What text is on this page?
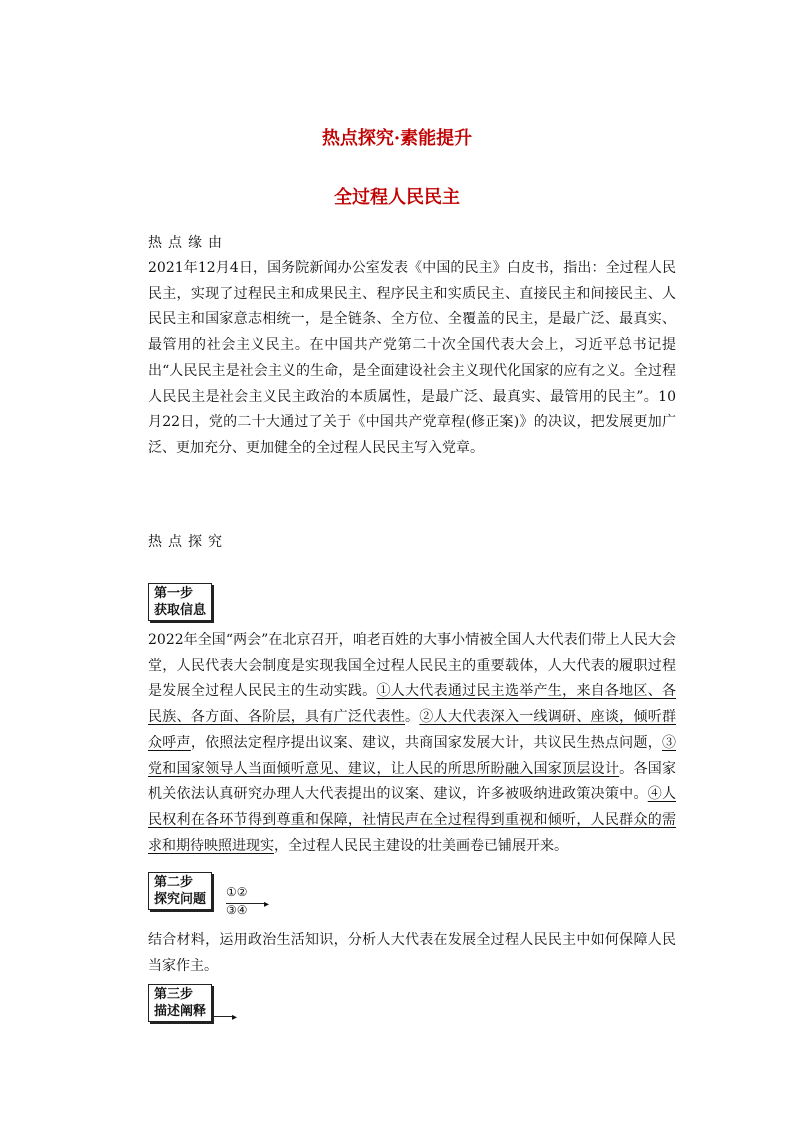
热点探究·素能提升
全过程人民民主
热点缘由

2021年12月4日，国务院新闻办公室发表《中国的民主》白皮书，指出：全过程人民民主，实现了过程民主和成果民主、程序民主和实质民主、直接民主和间接民主、人民民主和国家意志相统一，是全链条、全方位、全覆盖的民主，是最广泛、最真实、最管用的社会主义民主。在中国共产党第二十次全国代表大会上，习近平总书记提出“人民民主是社会主义的生命，是全面建设社会主义现代化国家的应有之义。全过程人民民主是社会主义民主政治的本质属性，是最广泛、最真实、最管用的民主”。10月22日，党的二十大通过了关于《中国共产党章程(修正案)》的决议，把发展更加广泛、更加充分、更加健全的全过程人民民主写入党章。

热点探究
第一步
获取信息

2022年全国“两会”在北京召开，咱老百姓的大事小情被全国人大代表们带上人民大会堂，人民代表大会制度是实现我国全过程人民民主的重要载体，人大代表的履职过程是发展全过程人民民主的生动实践。①人大代表通过民主选举产生，来自各地区、各民族、各方面、各阶层，具有广泛代表性。②人大代表深入一线调研、座谈，倾听群众呼声，依照法定程序提出议案、建议，共商国家发展大计，共议民生热点问题，③党和国家领导人当面倾听意见、建议，让人民的所思所盼融入国家顶层设计。各国家机关依法认真研究办理人大代表提出的议案、建议，许多被吸纳进政策决策中。④人民权利在各环节得到尊重和保障，社情民声在全过程得到重视和倾听，人民群众的需求和期待映照进现实，全过程人民民主建设的壮美画卷已铺展开来。

第二步
探究问题 ①②
③④ ▸

结合材料，运用政治生活知识，分析人大代表在发展全过程人民民主中如何保障人民当家作主。

第三步
描述阐释	▸
